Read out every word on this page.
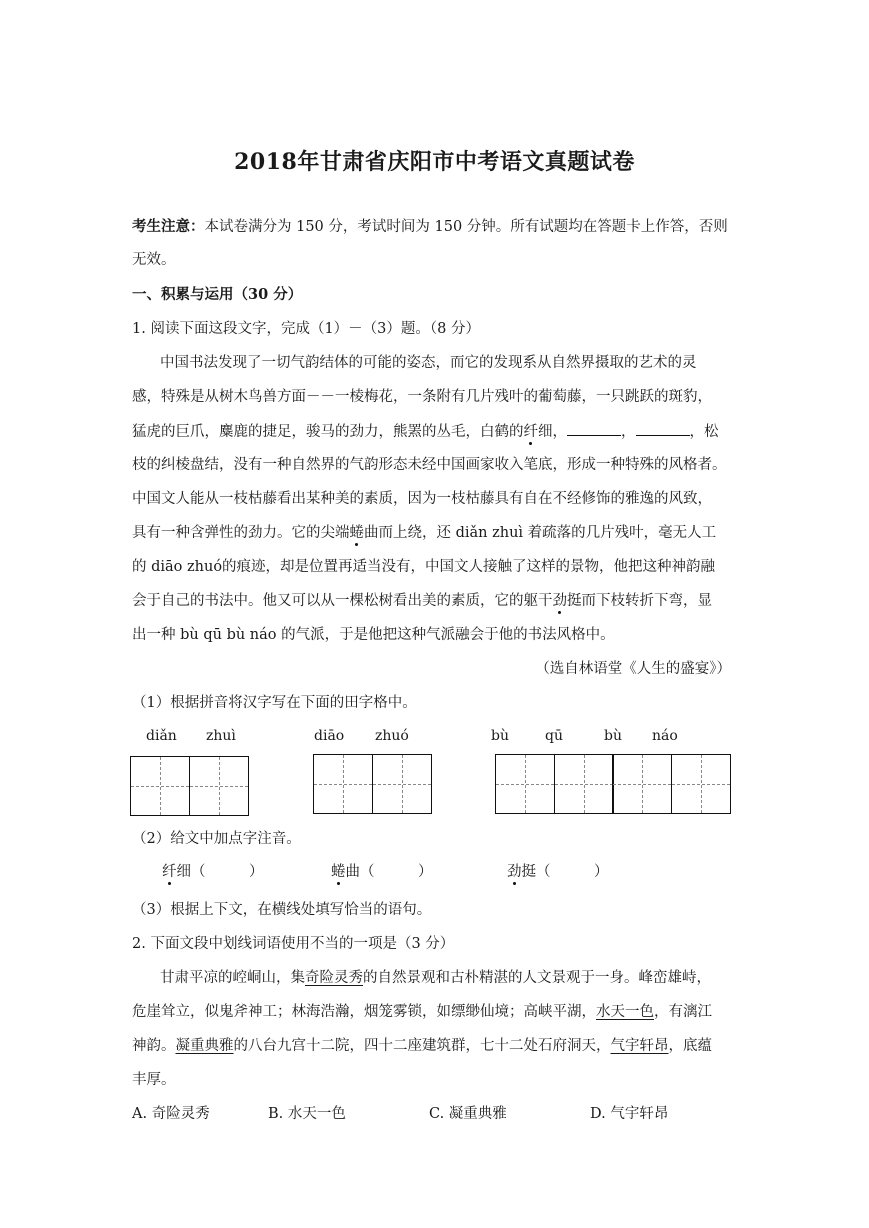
2018年甘肃省庆阳市中考语文真题试卷
考生注意：本试卷满分为 150 分，考试时间为 150 分钟。所有试题均在答题卡上作答，否则
无效。
一、积累与运用（30 分）
1. 阅读下面这段文字，完成（1）－（3）题。（8 分）
中国书法发现了一切气韵结体的可能的姿态，而它的发现系从自然界摄取的艺术的灵
感，特殊是从树木鸟兽方面－－一棱梅花，一条附有几片残叶的葡萄藤，一只跳跃的斑豹，
猛虎的巨爪，麋鹿的捷足，骏马的劲力，熊罴的丛毛，白鹤的纤细，	，	，松
枝的纠棱盘结，没有一种自然界的气韵形态未经中国画家收入笔底，形成一种特殊的风格者。
中国文人能从一枝枯藤看出某种美的素质，因为一枝枯藤具有自在不经修饰的雅逸的风致，
具有一种含弹性的劲力。它的尖端蜷曲而上绕，还 diǎn zhuì 着疏落的几片残叶，毫无人工
的 diāo zhuó的痕迹，却是位置再适当没有，中国文人接触了这样的景物，他把这种神韵融
会于自己的书法中。他又可以从一棵松树看出美的素质，它的躯干劲挺而下枝转折下弯，显
出一种 bù qū bù náo 的气派，于是他把这种气派融会于他的书法风格中。
（选自林语堂《人生的盛宴》）
（1）根据拼音将汉字写在下面的田字格中。
diǎn zhuì	diāo zhuó	bù	qū	bù náo
（2）给文中加点字注音。
纤细（　　　）	蜷曲（　　　）	劲挺（　　　）
（3）根据上下文，在横线处填写恰当的语句。
2. 下面文段中划线词语使用不当的一项是（3 分）
甘肃平凉的崆峒山，集奇险灵秀的自然景观和古朴精湛的人文景观于一身。峰峦雄峙，
危崖耸立，似鬼斧神工；林海浩瀚，烟笼雾锁，如缥缈仙境；高峡平湖，水天一色，有漓江
神韵。凝重典雅的八台九宫十二院，四十二座建筑群，七十二处石府洞天，气宇轩昂，底蕴
丰厚。
A. 奇险灵秀	B. 水天一色	C. 凝重典雅	D. 气宇轩昂
